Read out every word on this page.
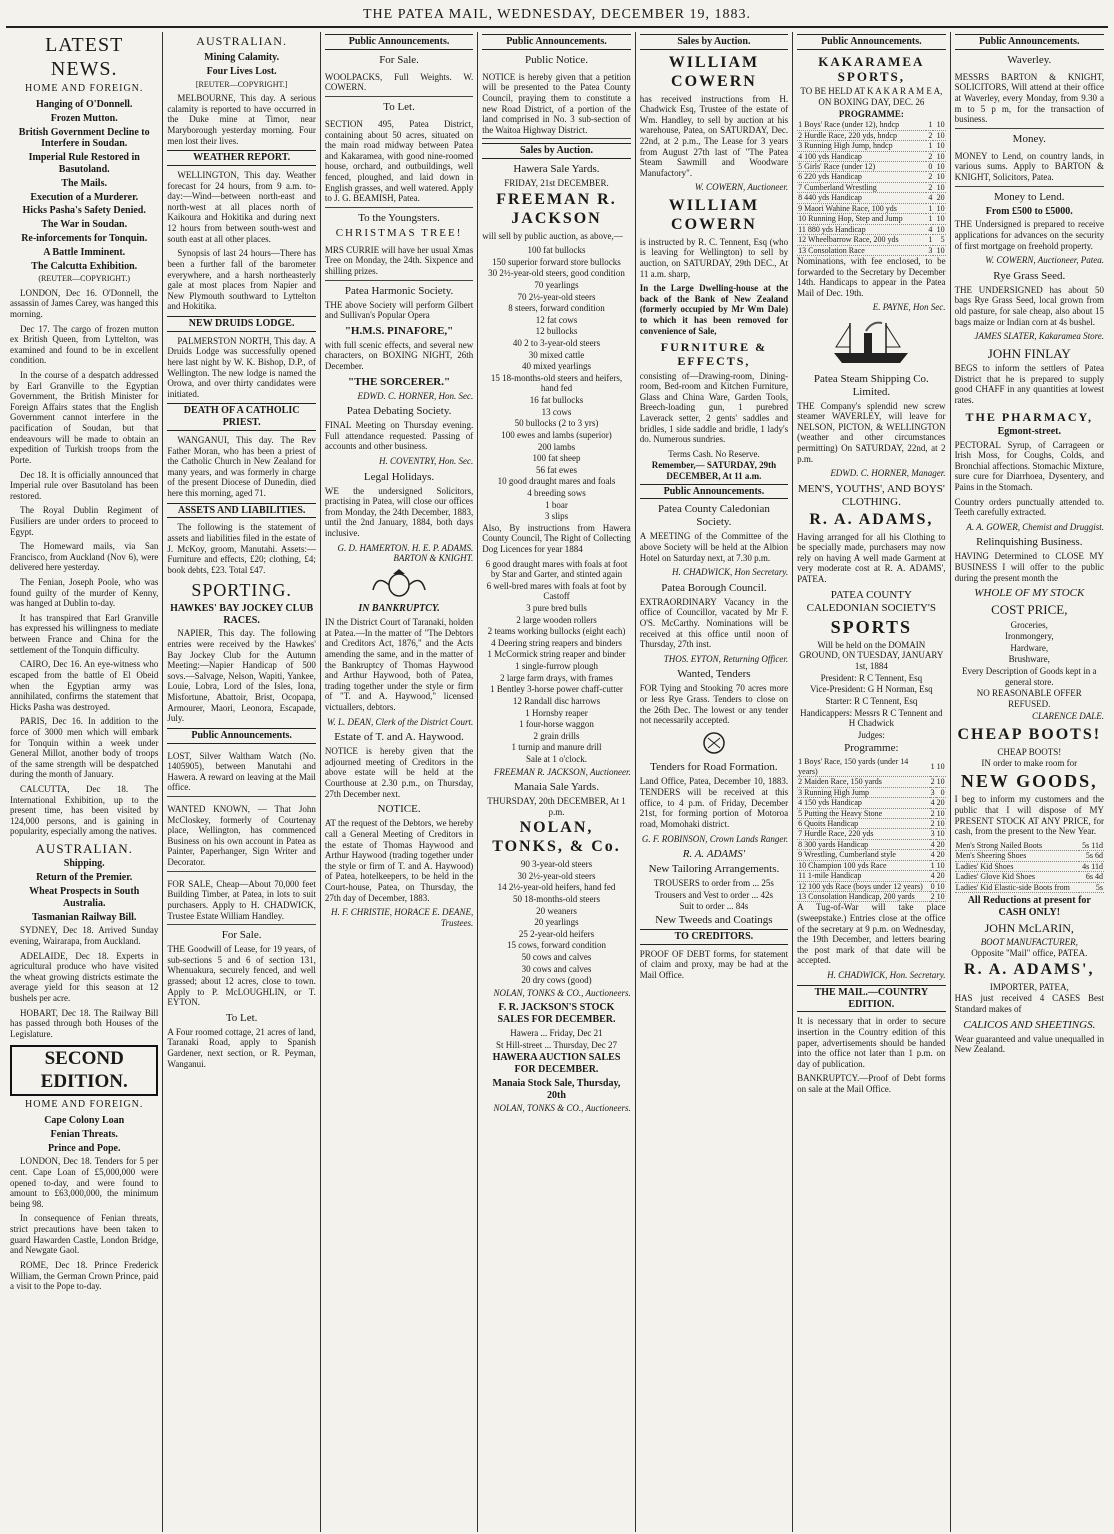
THE PATEA MAIL, WEDNESDAY, DECEMBER 19, 1883.
LATEST NEWS.
HOME AND FOREIGN.
Hanging of O'Donnell.
Frozen Mutton.
British Government Decline to Interfere in Soudan.
Imperial Rule Restored in Basutoland.
The Mails.
Execution of a Murderer.
Hicks Pasha's Safety Denied.
The War in Soudan.
Re-inforcements for Tonquin.
A Battle Imminent.
The Calcutta Exhibition.
(REUTER—COPYRIGHT.)
LONDON, Dec 16. O'Donnell, the assassin of James Carey, was hanged this morning.
Dec 17. The cargo of frozen mutton ex British Queen, from Lyttelton, was examined and found to be in excellent condition.
In the course of a despatch addressed by Earl Granville to the Egyptian Government, the British Minister for Foreign Affairs states that the English Government cannot interfere in the pacification of Soudan, but that endeavours will be made to obtain an expedition of Turkish troops from the Porte.
Dec 18. It is officially announced that Imperial rule over Basutoland has been restored.
The Royal Dublin Regiment of Fusiliers are under orders to proceed to Egypt.
The Homeward mails, via San Francisco, from Auckland (Nov 6), were delivered here yesterday.
The Fenian, Joseph Poole, who was found guilty of the murder of Kenny, was hanged at Dublin to-day.
It has transpired that Earl Granville has expressed his willingness to mediate between France and China for the settlement of the Tonquin difficulty.
CAIRO, Dec 16. An eye-witness who escaped from the battle of El Obeid when the Egyptian army was annihilated, confirms the statement that Hicks Pasha was destroyed.
PARIS, Dec 16. In addition to the force of 3000 men which will embark for Tonquin within a week under General Millot, another body of troops of the same strength will be despatched during the month of January.
CALCUTTA, Dec 18. The International Exhibition, up to the present time, has been visited by 124,000 persons, and is gaining in popularity, especially among the natives.
AUSTRALIAN.
Shipping.
Return of the Premier.
Wheat Prospects in South Australia.
Tasmanian Railway Bill.
SYDNEY, Dec 18. Arrived Sunday evening, Wairarapa, from Auckland.
ADELAIDE, Dec 18. Experts in agricultural produce who have visited the wheat growing districts estimate the average yield for this season at 12 bushels per acre.
HOBART, Dec 18. The Railway Bill has passed through both Houses of the Legislature.
SECOND EDITION.
HOME AND FOREIGN.
Cape Colony Loan
Fenian Threats.
Prince and Pope.
LONDON, Dec 18. Tenders for 5 per cent. Cape Loan of £5,000,000 were opened to-day, and were found to amount to £63,000,000, the minimum being 98.
In consequence of Fenian threats, strict precautions have been taken to guard Hawarden Castle, London Bridge, and Newgate Gaol.
ROME, Dec 18. Prince Frederick William, the German Crown Prince, paid a visit to the Pope to-day.
AUSTRALIAN.
Mining Calamity.
Four Lives Lost.
[REUTER—COPYRIGHT.]
MELBOURNE, This day. A serious calamity is reported to have occurred in the Duke mine at Timor, near Maryborough yesterday morning. Four men lost their lives.
WEATHER REPORT.
WELLINGTON, This day. Weather forecast for 24 hours, from 9 a.m. to-day:—Wind—between north-east and north-west at all places north of Kaikoura and Hokitika and during next 12 hours from between south-west and south east at all other places.
Synopsis of last 24 hours—There has been a further fall of the barometer everywhere, and a harsh northeasterly gale at most places from Napier and New Plymouth southward to Lyttelton and Hokitika.
NEW DRUIDS LODGE.

PALMERSTON NORTH, This day. A Druids Lodge was successfully opened here last night by W. K. Bishop, D.P., of Wellington. The new lodge is named the Orowa, and over thirty candidates were initiated.

DEATH OF A CATHOLIC PRIEST.

WANGANUI, This day. The Rev Father Moran, who has been a priest of the Catholic Church in New Zealand for many years, and was formerly in charge of the present Diocese of Dunedin, died here this morning, aged 71.

ASSETS AND LIABILITIES.

The following is the statement of assets and liabilities filed in the estate of J. McKoy, groom, Manutahi. Assets:—Furniture and effects, £20; clothing, £4; book debts, £23. Total £47.

SPORTING.
HAWKES' BAY JOCKEY CLUB RACES.

NAPIER, This day. The following entries were received by the Hawkes' Bay Jockey Club for the Autumn Meeting:—Napier Handicap of 500 sovs.—Salvage, Nelson, Wapiti, Yankee, Louie, Lobra, Lord of the Isles, Iona, Misfortune, Abattoir, Brist, Ocopapa, Armourer, Maori, Leonora, Escapade, July.

Public Announcements.
LOST, Silver Waltham Watch (No. 1405905), between Manutahi and Hawera. A reward on leaving at the Mail office.
WANTED KNOWN, — That John McCloskey, formerly of Courtenay place, Wellington, has commenced Business on his own account in Patea as Painter, Paperhanger, Sign Writer and Decorator.
FOR SALE, Cheap—About 70,000 feet Building Timber, at Patea, in lots to suit purchasers. Apply to H. CHADWICK, Trustee Estate William Handley.
For Sale.

THE Goodwill of Lease, for 19 years, of sub-sections 5 and 6 of section 131, Whenuakura, securely fenced, and well grassed; about 12 acres, close to town. Apply to P. McLOUGHLIN, or T. EYTON.

To Let.

A Four roomed cottage, 21 acres of land, Taranaki Road, apply to Spanish Gardener, next section, or R. Peyman, Wanganui.

Public Announcements.
For Sale.

WOOLPACKS, Full Weights. W. COWERN.

To Let.

SECTION 495, Patea District, containing about 50 acres, situated on the main road midway between Patea and Kakaramea, with good nine-roomed house, orchard, and outbuildings, well fenced, ploughed, and laid down in English grasses, and well watered. Apply to J. G. BEAMISH, Patea.

To the Youngsters.
CHRISTMAS TREE!

MRS CURRIE will have her usual Xmas Tree on Monday, the 24th. Sixpence and shilling prizes.

Patea Harmonic Society.

THE above Society will perform Gilbert and Sullivan's Popular Opera

"H.M.S. PINAFORE,"

with full scenic effects, and several new characters, on BOXING NIGHT, 26th December.

"THE SORCERER."
EDWD. C. HORNER, Hon. Sec.
Patea Debating Society.

FINAL Meeting on Thursday evening. Full attendance requested. Passing of accounts and other business.

H. COVENTRY, Hon. Sec.
Legal Holidays.

WE the undersigned Solicitors, practising in Patea, will close our offices from Monday, the 24th December, 1883, until the 2nd January, 1884, both days inclusive.

G. D. HAMERTON. H. E. P. ADAMS. BARTON & KNIGHT.
IN BANKRUPTCY.

IN the District Court of Taranaki, holden at Patea.—In the matter of "The Debtors and Creditors Act, 1876," and the Acts amending the same, and in the matter of the Bankruptcy of Thomas Haywood and Arthur Haywood, both of Patea, trading together under the style or firm of "T. and A. Haywood," licensed victuallers, debtors.

W. L. DEAN, Clerk of the District Court.
Estate of T. and A. Haywood.

NOTICE is hereby given that the adjourned meeting of Creditors in the above estate will be held at the Courthouse at 2.30 p.m., on Thursday, 27th December next.

NOTICE.

AT the request of the Debtors, we hereby call a General Meeting of Creditors in the estate of Thomas Haywood and Arthur Haywood (trading together under the style or firm of T. and A. Haywood) of Patea, hotelkeepers, to be held in the Court-house, Patea, on Thursday, the 27th day of December, 1883.

H. F. CHRISTIE, HORACE E. DEANE, Trustees.
Public Announcements.
Public Notice.

NOTICE is hereby given that a petition will be presented to the Patea County Council, praying them to constitute a new Road District, of a portion of the land comprised in No. 3 sub-section of the Waitoa Highway District.

Sales by Auction.
Hawera Sale Yards.
FRIDAY, 21st DECEMBER.
FREEMAN R. JACKSON
will sell by public auction, as above,—
100 fat bullocks
150 superior forward store bullocks
30 2½-year-old steers, good condition
70 yearlings
70 2½-year-old steers
8 steers, forward condition
12 fat cows
12 bullocks
40 2 to 3-year-old steers
30 mixed cattle
40 mixed yearlings
15 18-months-old steers and heifers, hand fed
16 fat bullocks
13 cows
50 bullocks (2 to 3 yrs)
100 ewes and lambs (superior)
200 lambs
100 fat sheep
56 fat ewes
10 good draught mares and foals
4 breeding sows
1 boar
3 slips

Also, By instructions from Hawera County Council, The Right of Collecting Dog Licences for year 1884

6 good draught mares with foals at foot by Star and Garter, and stinted again
6 well-bred mares with foals at foot by Castoff
3 pure bred bulls
2 large wooden rollers
2 teams working bullocks (eight each)
4 Deering string reapers and binders
1 McCormick string reaper and binder
1 single-furrow plough
2 large farm drays, with frames
1 Bentley 3-horse power chaff-cutter
12 Randall disc harrows
1 Hornsby reaper
1 four-horse waggon
2 grain drills
1 turnip and manure drill
Sale at 1 o'clock.
FREEMAN R. JACKSON, Auctioneer.
Manaia Sale Yards.
THURSDAY, 20th DECEMBER, At 1 p.m.
NOLAN, TONKS, & Co.
90 3-year-old steers
30 2½-year-old steers
14 2½-year-old heifers, hand fed
50 18-months-old steers
20 weaners
20 yearlings
25 2-year-old heifers
15 cows, forward condition
50 cows and calves
30 cows and calves
20 dry cows (good)
NOLAN, TONKS & CO., Auctioneers.
F. R. JACKSON'S STOCK SALES FOR DECEMBER.
Hawera ... Friday, Dec 21
St Hill-street ... Thursday, Dec 27
HAWERA AUCTION SALES FOR DECEMBER.
Manaia Stock Sale, Thursday, 20th
NOLAN, TONKS & CO., Auctioneers.
Sales by Auction.
WILLIAM COWERN

has received instructions from H. Chadwick Esq, Trustee of the estate of Wm. Handley, to sell by auction at his warehouse, Patea, on SATURDAY, Dec. 22nd, at 2 p.m., The Lease for 3 years from August 27th last of "The Patea Steam Sawmill and Woodware Manufactory".

W. COWERN, Auctioneer.
WILLIAM COWERN

is instructed by R. C. Tennent, Esq (who is leaving for Wellington) to sell by auction, on SATURDAY, 29th DEC., At 11 a.m. sharp,

In the Large Dwelling-house at the back of the Bank of New Zealand (formerly occupied by Mr Wm Dale) to which it has been removed for convenience of Sale,

FURNITURE & EFFECTS,

consisting of—Drawing-room, Dining-room, Bed-room and Kitchen Furniture, Glass and China Ware, Garden Tools, Breech-loading gun, 1 purebred Laverack setter, 2 gents' saddles and bridles, 1 side saddle and bridle, 1 lady's do. Numerous sundries.

Terms Cash. No Reserve.
Remember,— SATURDAY, 29th DECEMBER, At 11 a.m.
Public Announcements.
Patea County Caledonian Society.

A MEETING of the Committee of the above Society will be held at the Albion Hotel on Saturday next, at 7.30 p.m.

H. CHADWICK, Hon Secretary.
Patea Borough Council.

EXTRAORDINARY Vacancy in the office of Councillor, vacated by Mr F. O'S. McCarthy. Nominations will be received at this office until noon of Thursday, 27th inst.

THOS. EYTON, Returning Officer.
Wanted, Tenders

FOR Tying and Stooking 70 acres more or less Rye Grass. Tenders to close on the 26th Dec. The lowest or any tender not necessarily accepted.

Tenders for Road Formation.

Land Office, Patea, December 10, 1883. TENDERS will be received at this office, to 4 p.m. of Friday, December 21st, for forming portion of Motoroa road, Momohaki district.

G. F. ROBINSON, Crown Lands Ranger.
R. A. ADAMS'
New Tailoring Arrangements.
TROUSERS to order from ... 25s
Trousers and Vest to order ... 42s
Suit to order ... 84s
New Tweeds and Coatings
TO CREDITORS.

PROOF OF DEBT forms, for statement of claim and proxy, may be had at the Mail Office.

Public Announcements.
KAKARAMEA SPORTS,
TO BE HELD AT K A K A R A M E A, ON BOXING DAY, DEC. 26
PROGRAMME:
1 Boys' Race (under 12), hndcp	1	10
2 Hurdle Race, 220 yds, hndcp	2	10
3 Running High Jump, hndcp	1	10
4 100 yds Handicap	2	10
5 Girls' Race (under 12)	0	10
6 220 yds Handicap	2	10
7 Cumberland Wrestling	2	10
8 440 yds Handicap	4	20
9 Maori Wahine Race, 100 yds	1	10
10 Running Hop, Step and Jump	1	10
11 880 yds Handicap	4	10
12 Wheelbarrow Race, 200 yds	1	5
13 Consolation Race	3	10

Nominations, with fee enclosed, to be forwarded to the Secretary by December 14th. Handicaps to appear in the Patea Mail of Dec. 19th.

E. PAYNE, Hon Sec.
Patea Steam Shipping Co. Limited.

THE Company's splendid new screw steamer WAVERLEY, will leave for NELSON, PICTON, & WELLINGTON (weather and other circumstances permitting) On SATURDAY, 22nd, at 2 p.m.

EDWD. C. HORNER, Manager.
MEN'S, YOUTHS', AND BOYS' CLOTHING.
R. A. ADAMS,

Having arranged for all his Clothing to be specially made, purchasers may now rely on having A well made Garment at very moderate cost at R. A. ADAMS', PATEA.

PATEA COUNTY CALEDONIAN SOCIETY'S
SPORTS
Will be held on the DOMAIN GROUND, ON TUESDAY, JANUARY 1st, 1884
President: R C Tennent, Esq
Vice-President: G H Norman, Esq
Starter: R C Tennent, Esq
Handicappers: Messrs R C Tennent and H Chadwick
Judges:
Programme:
1 Boys' Race, 150 yards (under 14 years)	1	10
2 Maiden Race, 150 yards	2	10
3 Running High Jump	3	0
4 150 yds Handicap	4	20
5 Putting the Heavy Stone	2	10
6 Quoits Handicap	2	10
7 Hurdle Race, 220 yds	3	10
8 300 yards Handicap	4	20
9 Wrestling, Cumberland style	4	20
10 Champion 100 yds Race	1	10
11 1-mile Handicap	4	20
12 100 yds Race (boys under 12 years)	0	10
13 Consolation Handicap, 200 yards	2	10

A Tug-of-War will take place (sweepstake.) Entries close at the office of the secretary at 9 p.m. on Wednesday, the 19th December, and letters bearing the post mark of that date will be accepted.

H. CHADWICK, Hon. Secretary.
THE MAIL.—COUNTRY EDITION.

It is necessary that in order to secure insertion in the Country edition of this paper, advertisements should be handed into the office not later than 1 p.m. on day of publication.

BANKRUPTCY.—Proof of Debt forms on sale at the Mail Office.

Public Announcements.
Waverley.

MESSRS BARTON & KNIGHT, SOLICITORS, Will attend at their office at Waverley, every Monday, from 9.30 a m to 5 p m, for the transaction of business.

Money.

MONEY to Lend, on country lands, in various sums. Apply to BARTON & KNIGHT, Solicitors, Patea.

Money to Lend.
From £500 to £5000.

THE Undersigned is prepared to receive applications for advances on the security of first mortgage on freehold property.

W. COWERN, Auctioneer, Patea.
Rye Grass Seed.

THE UNDERSIGNED has about 50 bags Rye Grass Seed, local grown from old pasture, for sale cheap, also about 15 bags maize or Indian corn at 4s bushel.

JAMES SLATER, Kakaramea Store.
JOHN FINLAY

BEGS to inform the settlers of Patea District that he is prepared to supply good CHAFF in any quantities at lowest rates.

THE PHARMACY,
Egmont-street.

PECTORAL Syrup, of Carrageen or Irish Moss, for Coughs, Colds, and Bronchial affections. Stomachic Mixture, sure cure for Diarrhoea, Dysentery, and Pains in the Stomach.

Country orders punctually attended to. Teeth carefully extracted.

A. A. GOWER, Chemist and Druggist.
Relinquishing Business.

HAVING Determined to CLOSE MY BUSINESS I will offer to the public during the present month the

WHOLE OF MY STOCK
COST PRICE,
Groceries,
Ironmongery,
Hardware,
Brushware,
Every Description of Goods kept in a general store.
NO REASONABLE OFFER REFUSED.
CLARENCE DALE.
CHEAP BOOTS!
CHEAP BOOTS!
IN order to make room for
NEW GOODS,

I beg to inform my customers and the public that I will dispose of MY PRESENT STOCK AT ANY PRICE, for cash, from the present to the New Year.

Men's Strong Nailed Boots	5s 11d
Men's Sheering Shoes	5s 6d
Ladies' Kid Shoes	4s 11d
Ladies' Glove Kid Shoes	6s 4d
Ladies' Kid Elastic-side Boots from	5s
All Reductions at present for CASH ONLY!
JOHN McLARIN,
BOOT MANUFACTURER,
Opposite "Mail" office, PATEA.
R. A. ADAMS',
IMPORTER, PATEA,

HAS just received 4 CASES Best Standard makes of

CALICOS AND SHEETINGS.

Wear guaranteed and value unequalled in New Zealand.
